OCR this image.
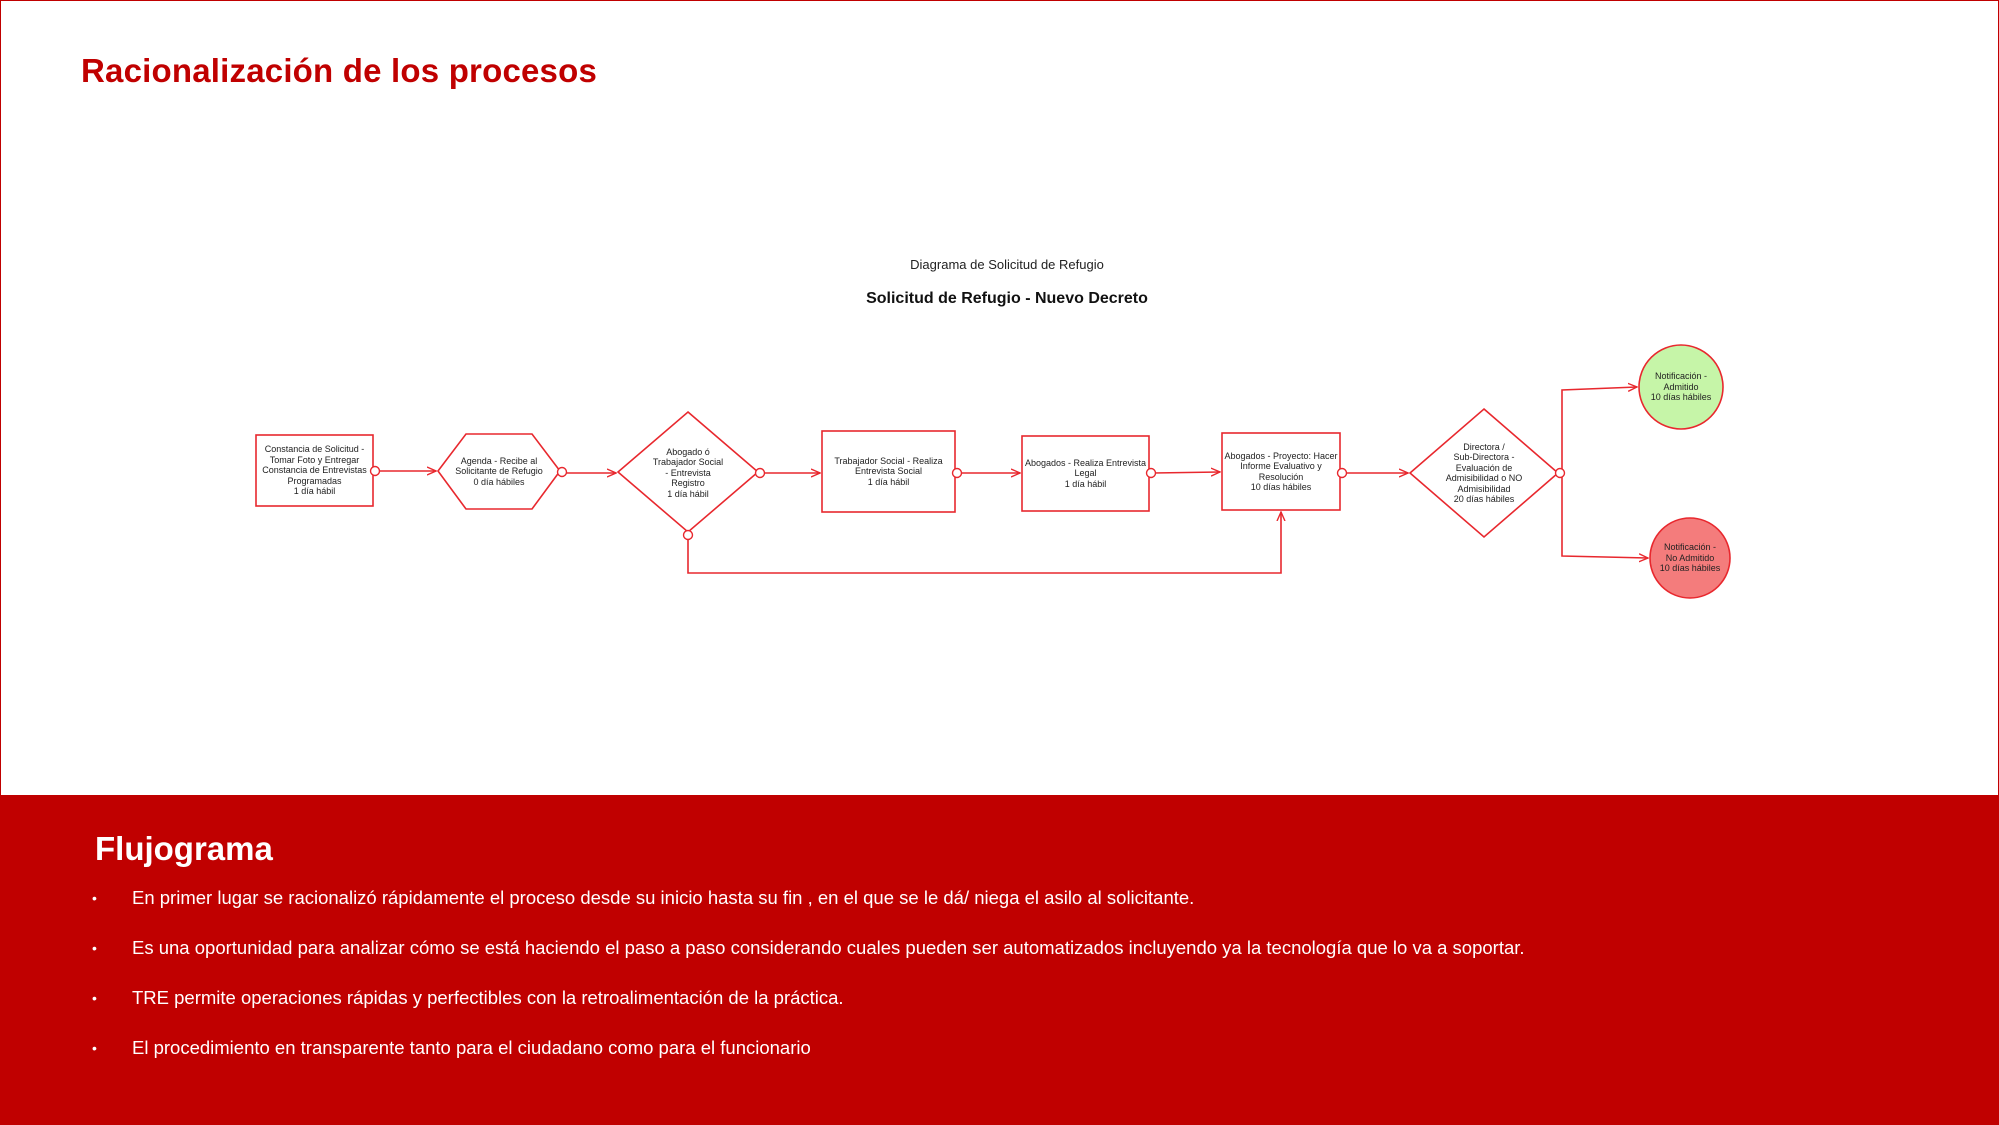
Racionalización de los procesos
Diagrama de Solicitud de Refugio
Solicitud de Refugio - Nuevo Decreto
Constancia de Solicitud -
Tomar Foto y Entregar
Constancia de Entrevistas
Programadas
1 día hábil
Agenda - Recibe al
Solicitante de Refugio
0 día hábiles
Abogado ó
Trabajador Social
- Entrevista
Registro
1 día hábil
Trabajador Social - Realiza
Entrevista Social
1 día hábil
Abogados - Realiza Entrevista
Legal
1 día hábil
Abogados - Proyecto: Hacer
Informe Evaluativo y
Resolución
10 días hábiles
Directora /
Sub-Directora -
Evaluación de
Admisibilidad o NO
Admisibilidad
20 días hábiles
Notificación -
Admitido
10 días hábiles
Notificación -
No Admitido
10 días hábiles
Flujograma
• En primer lugar se racionalizó rápidamente el proceso desde su inicio hasta su fin , en el que se le dá/ niega el asilo al solicitante.
• Es una oportunidad para analizar cómo se está haciendo el paso a paso considerando cuales pueden ser automatizados incluyendo ya la tecnología que lo va a soportar.
• TRE permite operaciones rápidas y perfectibles con la retroalimentación de la práctica.
• El procedimiento en transparente tanto para el ciudadano como para el funcionario
